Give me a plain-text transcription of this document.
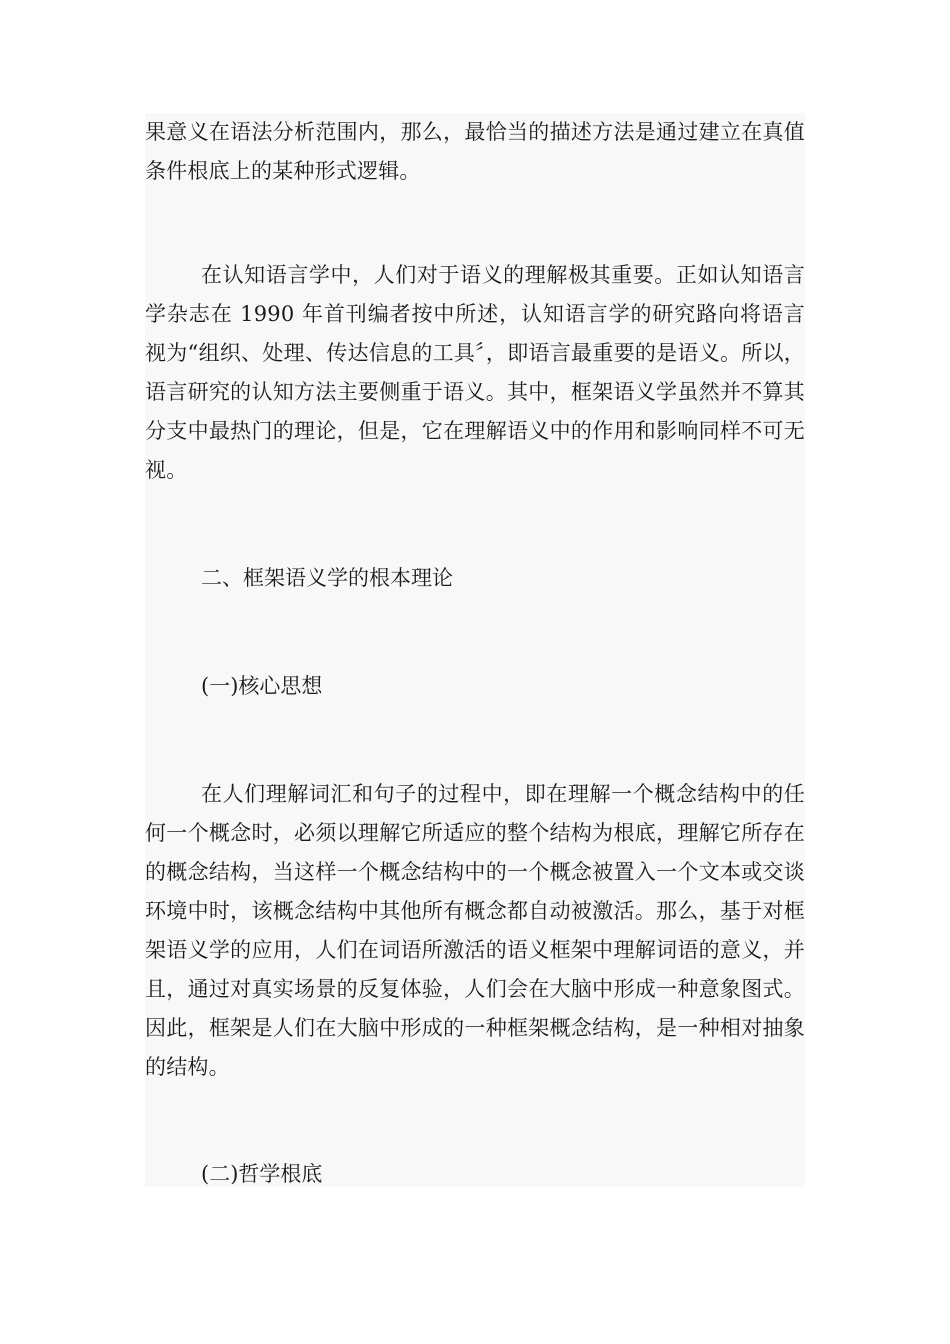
果意义在语法分析范围内，那么，最恰当的描述方法是通过建立在真值条件根底上的某种形式逻辑。

在认知语言学中，人们对于语义的理解极其重要。正如认知语言学杂志在 1990 年首刊编者按中所述，认知语言学的研究路向将语言视为“组织、处理、传达信息的工具〞，即语言最重要的是语义。所以，语言研究的认知方法主要侧重于语义。其中，框架语义学虽然并不算其分支中最热门的理论，但是，它在理解语义中的作用和影响同样不可无视。

二、框架语义学的根本理论

(一)核心思想

在人们理解词汇和句子的过程中，即在理解一个概念结构中的任何一个概念时，必须以理解它所适应的整个结构为根底，理解它所存在的概念结构，当这样一个概念结构中的一个概念被置入一个文本或交谈环境中时，该概念结构中其他所有概念都自动被激活。那么，基于对框架语义学的应用，人们在词语所激活的语义框架中理解词语的意义，并且，通过对真实场景的反复体验，人们会在大脑中形成一种意象图式。因此，框架是人们在大脑中形成的一种框架概念结构，是一种相对抽象的结构。

(二)哲学根底
